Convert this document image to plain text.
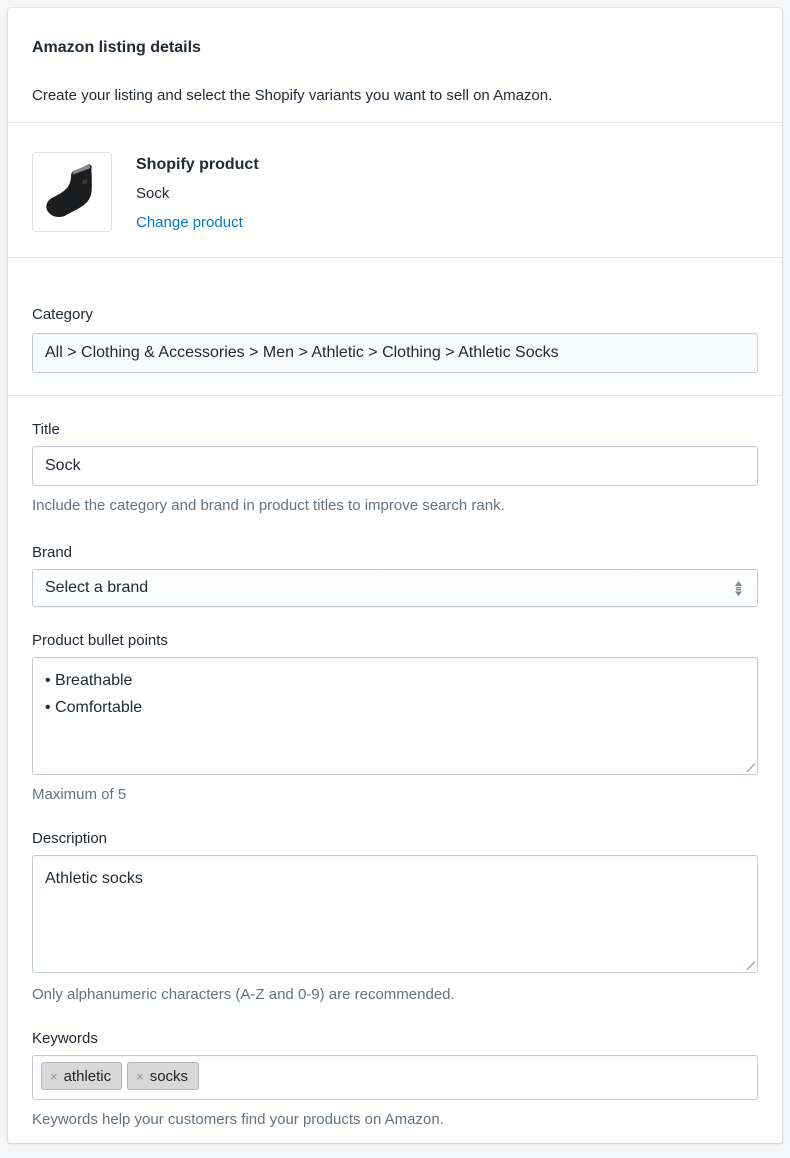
Amazon listing details

Create your listing and select the Shopify variants you want to sell on Amazon.

Shopify product
Sock
Change product
Category
All > Clothing & Accessories > Men > Athletic > Clothing > Athletic Socks
Title
Sock

Include the category and brand in product titles to improve search rank.

Brand
Select a brand
Product bullet points
• Breathable • Comfortable

Maximum of 5

Description
Athletic socks

Only alphanumeric characters (A-Z and 0-9) are recommended.

Keywords
× athletic × socks

Keywords help your customers find your products on Amazon.
